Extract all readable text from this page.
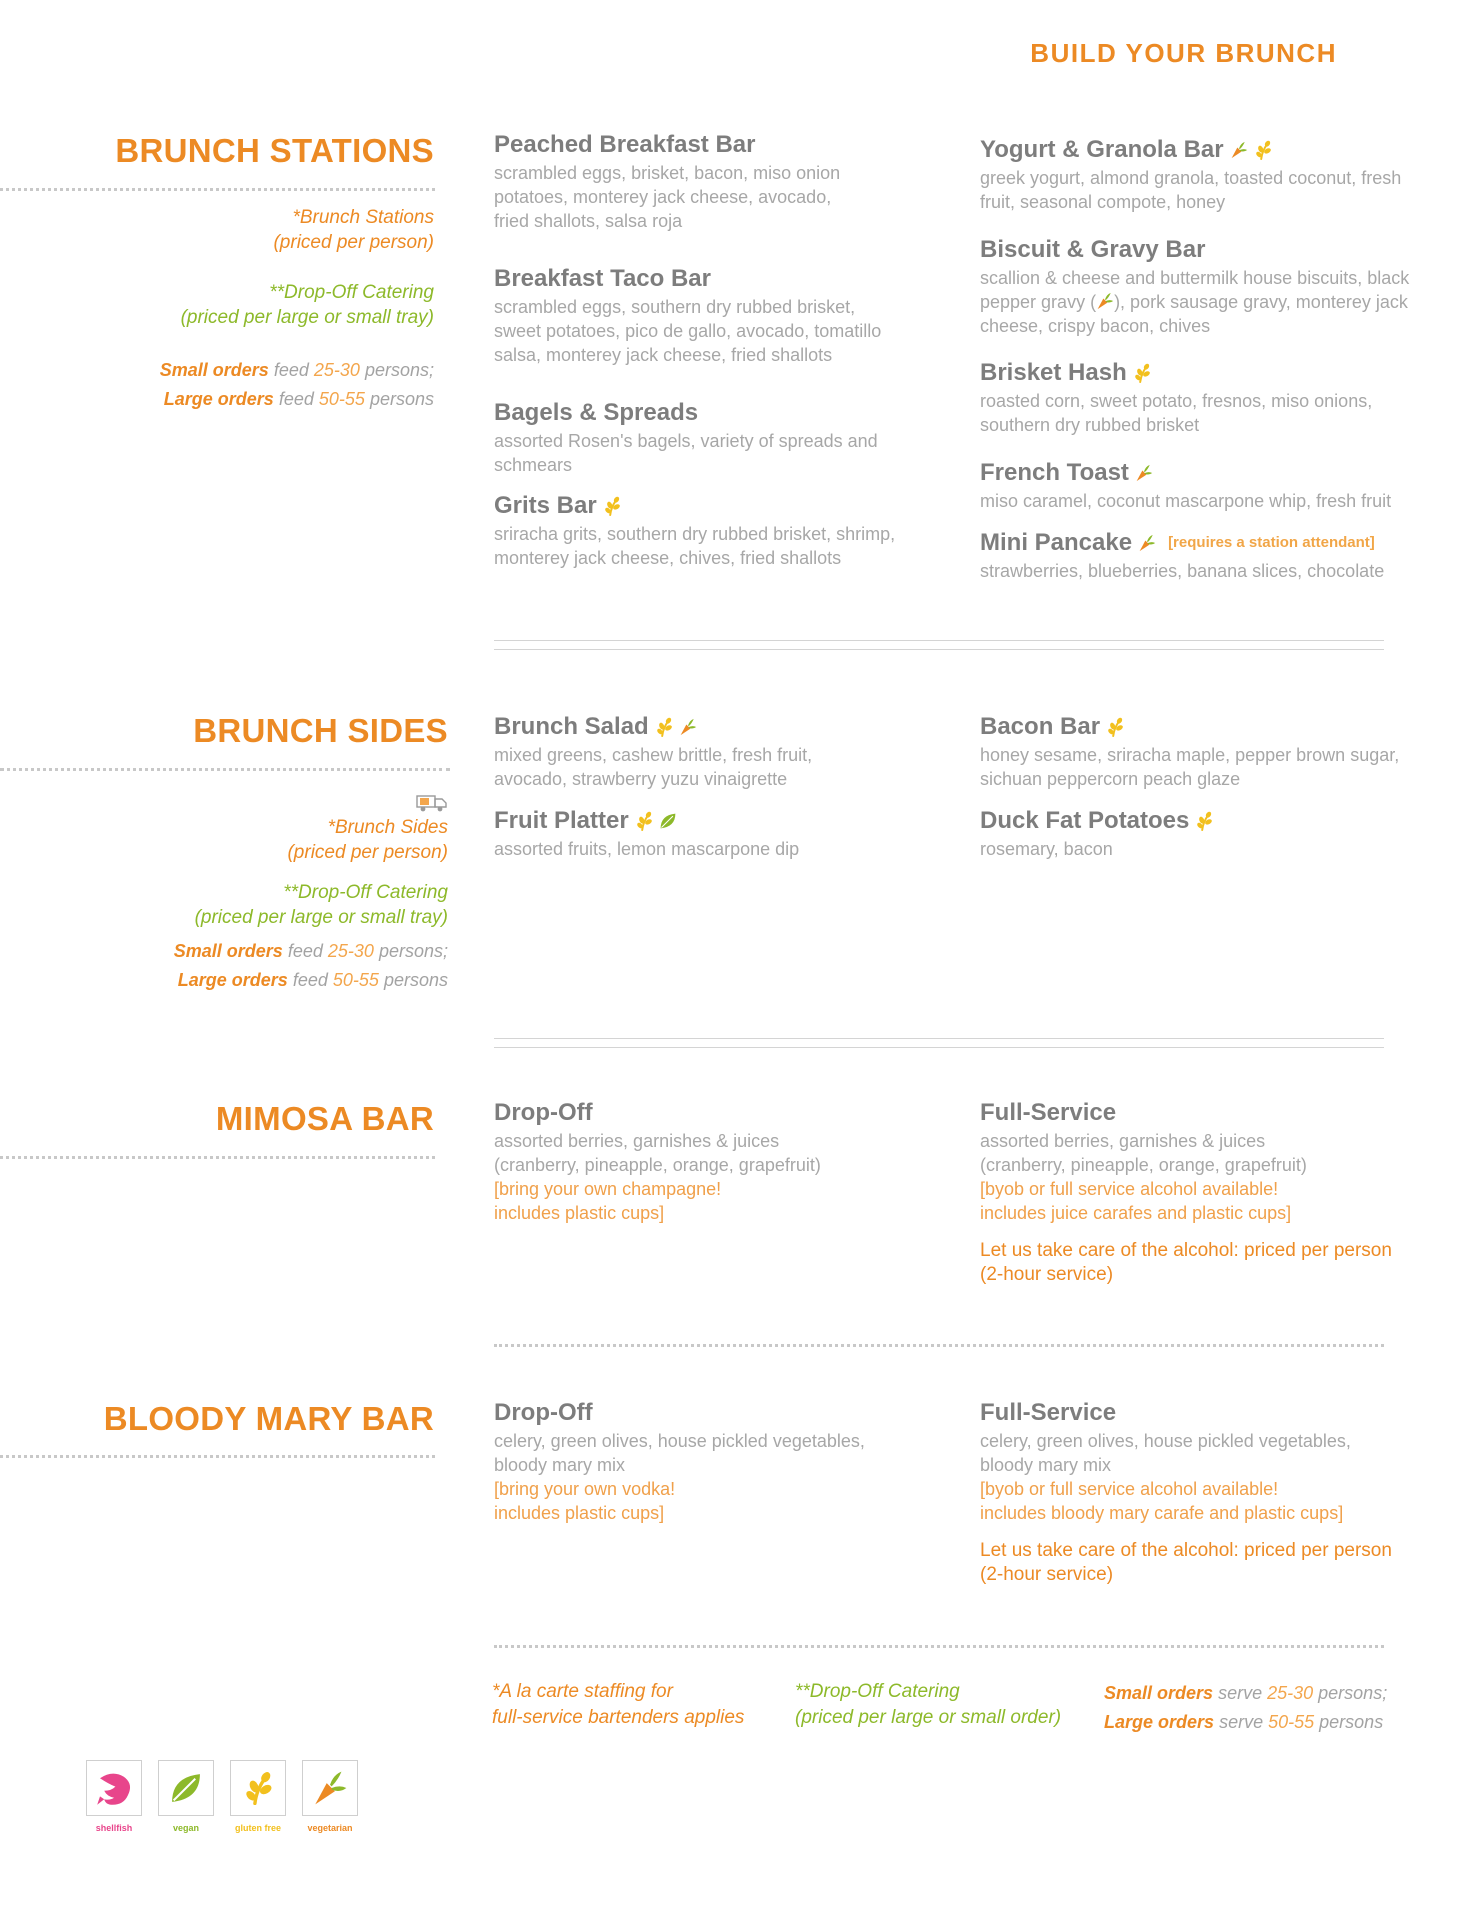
BUILD YOUR BRUNCH
BRUNCH STATIONS
*Brunch Stations
(priced per person)
**Drop-Off Catering
(priced per large or small tray)
Small orders feed 25-30 persons;
Large orders feed 50-55 persons
Peached Breakfast Bar

scrambled eggs, brisket, bacon, miso onion potatoes, monterey jack cheese, avocado, fried shallots, salsa roja

Breakfast Taco Bar

scrambled eggs, southern dry rubbed brisket, sweet potatoes, pico de gallo, avocado, tomatillo salsa, monterey jack cheese, fried shallots

Bagels & Spreads

assorted Rosen's bagels, variety of spreads and schmears

Grits Bar

sriracha grits, southern dry rubbed brisket, shrimp, monterey jack cheese, chives, fried shallots

Yogurt & Granola Bar

greek yogurt, almond granola, toasted coconut, fresh fruit, seasonal compote, honey

Biscuit & Gravy Bar

scallion & cheese and buttermilk house biscuits, black pepper gravy ( ), pork sausage gravy, monterey jack cheese, crispy bacon, chives

Brisket Hash

roasted corn, sweet potato, fresnos, miso onions, southern dry rubbed brisket

French Toast

miso caramel, coconut mascarpone whip, fresh fruit

Mini Pancake [requires a station attendant]

strawberries, blueberries, banana slices, chocolate

BRUNCH SIDES
*Brunch Sides
(priced per person)
**Drop-Off Catering
(priced per large or small tray)
Small orders feed 25-30 persons;
Large orders feed 50-55 persons
Brunch Salad

mixed greens, cashew brittle, fresh fruit, avocado, strawberry yuzu vinaigrette

Fruit Platter

assorted fruits, lemon mascarpone dip

Bacon Bar

honey sesame, sriracha maple, pepper brown sugar, sichuan peppercorn peach glaze

Duck Fat Potatoes

rosemary, bacon

MIMOSA BAR	Drop-Off

assorted berries, garnishes & juices
(cranberry, pineapple, orange, grapefruit)

[bring your own champagne!
includes plastic cups]

Full-Service

assorted berries, garnishes & juices
(cranberry, pineapple, orange, grapefruit)

[byob or full service alcohol available!
includes juice carafes and plastic cups]

Let us take care of the alcohol: priced per person
(2-hour service)

BLOODY MARY BAR	Drop-Off

celery, green olives, house pickled vegetables,
bloody mary mix

[bring your own vodka!
includes plastic cups]

Full-Service

celery, green olives, house pickled vegetables,
bloody mary mix

[byob or full service alcohol available!
includes bloody mary carafe and plastic cups]

Let us take care of the alcohol: priced per person
(2-hour service)

*A la carte staffing for
full-service bartenders applies
**Drop-Off Catering
(priced per large or small order)
Small orders serve 25-30 persons;
Large orders serve 50-55 persons
shellfish	vegan	gluten free	vegetarian
